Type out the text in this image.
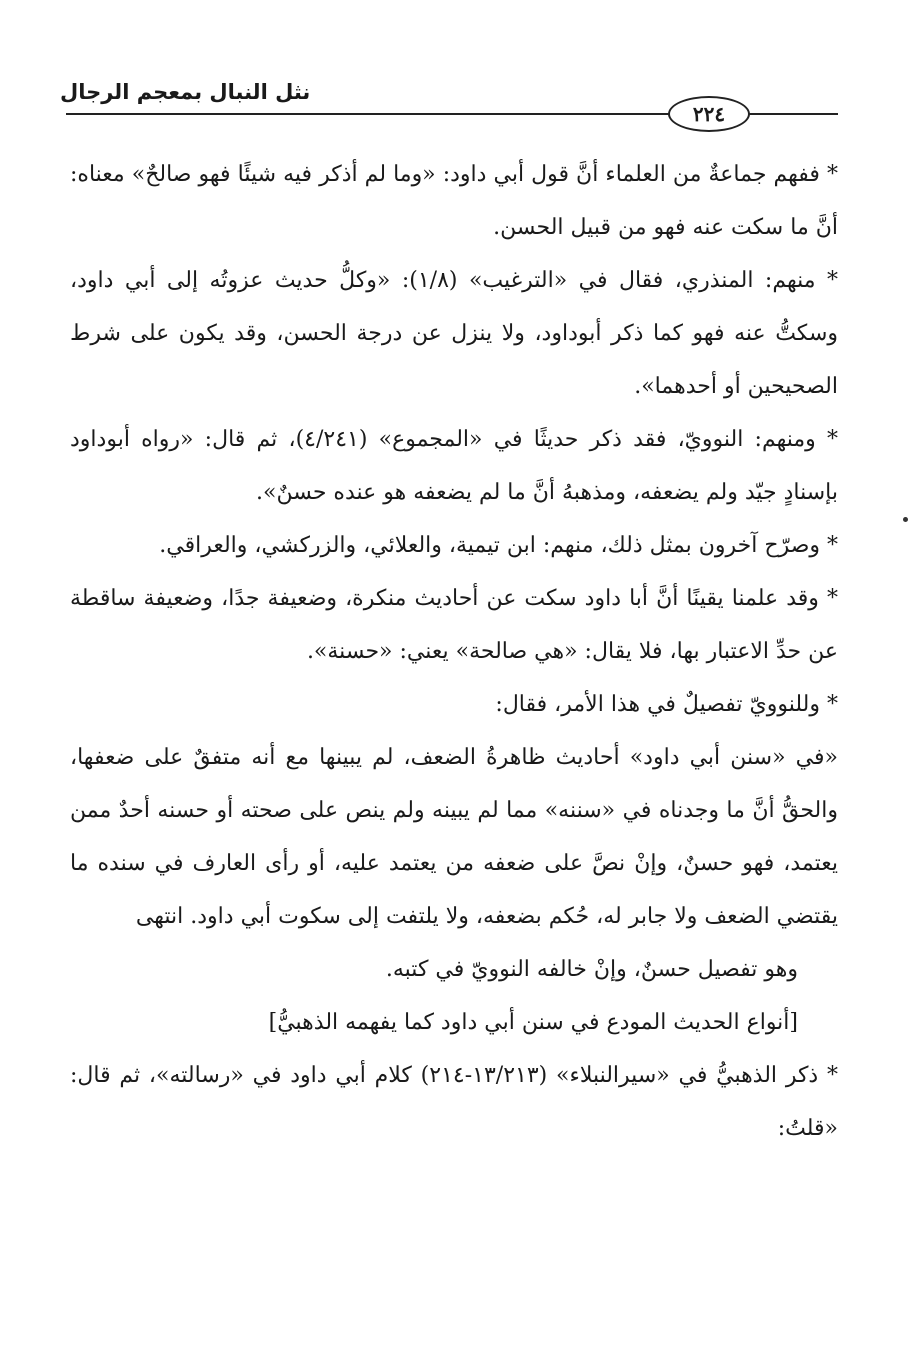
نثل النبال بمعجم الرجال
٢٢٤

* ففهم جماعةٌ من العلماء أنَّ قول أبي داود: «وما لم أذكر فيه شيئًا فهو صالحٌ» معناه: أنَّ ما سكت عنه فهو من قبيل الحسن.

* منهم: المنذري، فقال في «الترغيب» (١/٨): «وكلُّ حديث عزوتُه إلى أبي داود، وسكتُّ عنه فهو كما ذكر أبوداود، ولا ينزل عن درجة الحسن، وقد يكون على شرط الصحيحين أو أحدهما».

* ومنهم: النوويّ، فقد ذكر حديثًا في «المجموع» (٤/٢٤١)، ثم قال: «رواه أبوداود بإسنادٍ جيّد ولم يضعفه، ومذهبهُ أنَّ ما لم يضعفه هو عنده حسنٌ».

* وصرّح آخرون بمثل ذلك، منهم: ابن تيمية، والعلائي، والزركشي، والعراقي.

* وقد علمنا يقينًا أنَّ أبا داود سكت عن أحاديث منكرة، وضعيفة جدًا، وضعيفة ساقطة عن حدِّ الاعتبار بها، فلا يقال: «هي صالحة» يعني: «حسنة».

* وللنوويّ تفصيلٌ في هذا الأمر، فقال:

«في «سنن أبي داود» أحاديث ظاهرةُ الضعف، لم يبينها مع أنه متفقٌ على ضعفها، والحقُّ أنَّ ما وجدناه في «سننه» مما لم يبينه ولم ينص على صحته أو حسنه أحدٌ ممن يعتمد، فهو حسنٌ، وإنْ نصَّ على ضعفه من يعتمد عليه، أو رأى العارف في سنده ما يقتضي الضعف ولا جابر له، حُكم بضعفه، ولا يلتفت إلى سكوت أبي داود. انتهى

وهو تفصيل حسنٌ، وإنْ خالفه النوويّ في كتبه.

[أنواع الحديث المودع في سنن أبي داود كما يفهمه الذهبيُّ]

* ذكر الذهبيُّ في «سيرالنبلاء» (١٣/٢١٣-٢١٤) كلام أبي داود في «رسالته»، ثم قال: «قلتُ:
